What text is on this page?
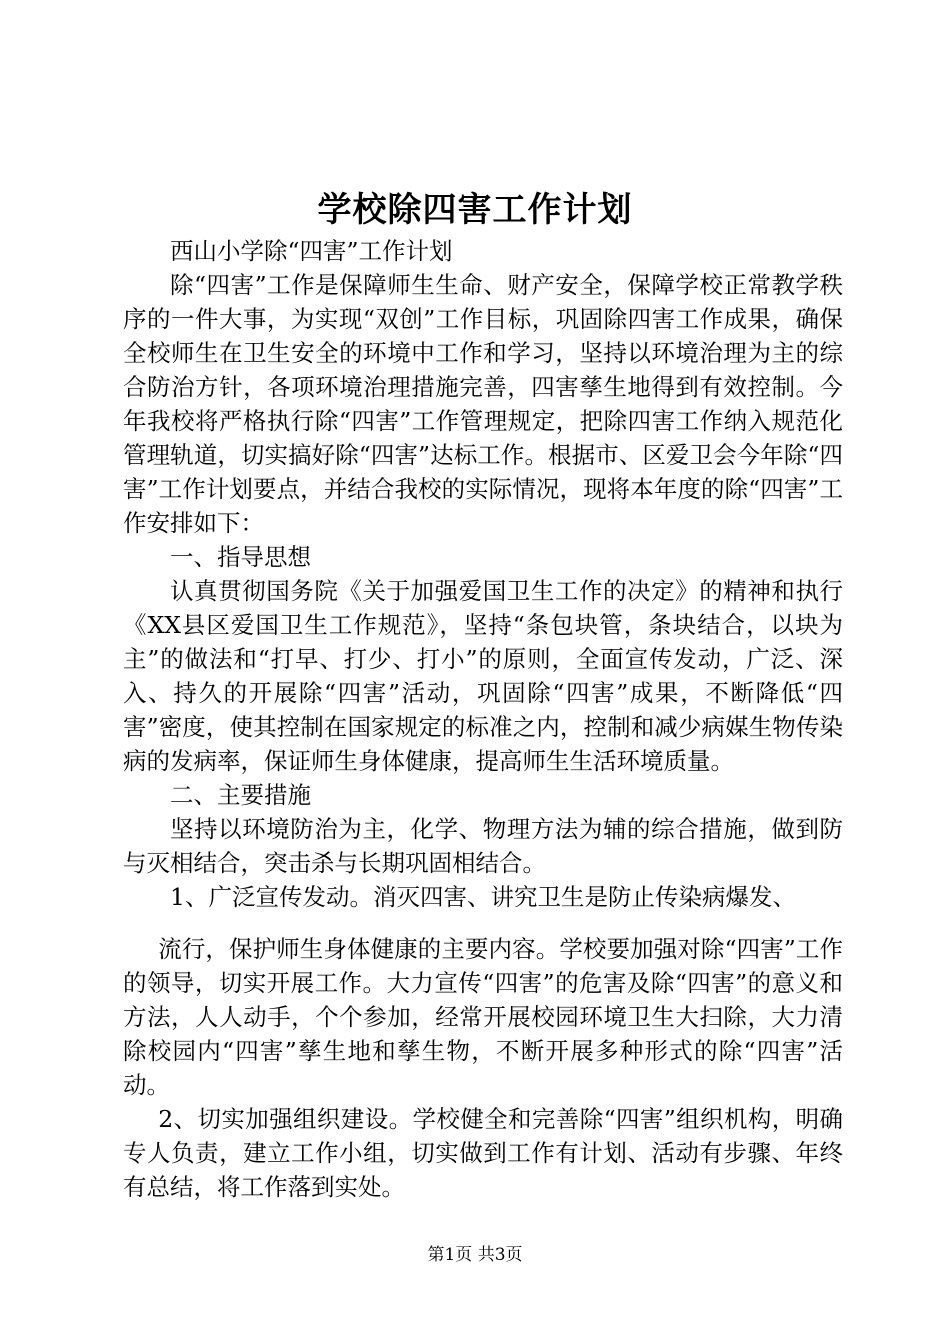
学校除四害工作计划

西山小学除“四害”工作计划

除“四害”工作是保障师生生命、财产安全，保障学校正常教学秩序的一件大事，为实现“双创”工作目标，巩固除四害工作成果，确保全校师生在卫生安全的环境中工作和学习，坚持以环境治理为主的综合防治方针，各项环境治理措施完善，四害孳生地得到有效控制。今年我校将严格执行除“四害”工作管理规定，把除四害工作纳入规范化管理轨道，切实搞好除“四害”达标工作。根据市、区爱卫会今年除“四害”工作计划要点，并结合我校的实际情况，现将本年度的除“四害”工作安排如下：

一、指导思想

认真贯彻国务院《关于加强爱国卫生工作的决定》的精神和执行《XX县区爱国卫生工作规范》，坚持“条包块管，条块结合，以块为主”的做法和“打早、打少、打小”的原则，全面宣传发动，广泛、深入、持久的开展除“四害”活动，巩固除“四害”成果，不断降低“四害”密度，使其控制在国家规定的标准之内，控制和减少病媒生物传染病的发病率，保证师生身体健康，提高师生生活环境质量。

二、主要措施

坚持以环境防治为主，化学、物理方法为辅的综合措施，做到防与灭相结合，突击杀与长期巩固相结合。

1、广泛宣传发动。消灭四害、讲究卫生是防止传染病爆发、

流行，保护师生身体健康的主要内容。学校要加强对除“四害”工作的领导，切实开展工作。大力宣传“四害”的危害及除“四害”的意义和方法，人人动手，个个参加，经常开展校园环境卫生大扫除，大力清除校园内“四害”孳生地和孳生物，不断开展多种形式的除“四害”活动。

2、切实加强组织建设。学校健全和完善除“四害”组织机构，明确专人负责，建立工作小组，切实做到工作有计划、活动有步骤、年终有总结，将工作落到实处。

第1页 共3页
